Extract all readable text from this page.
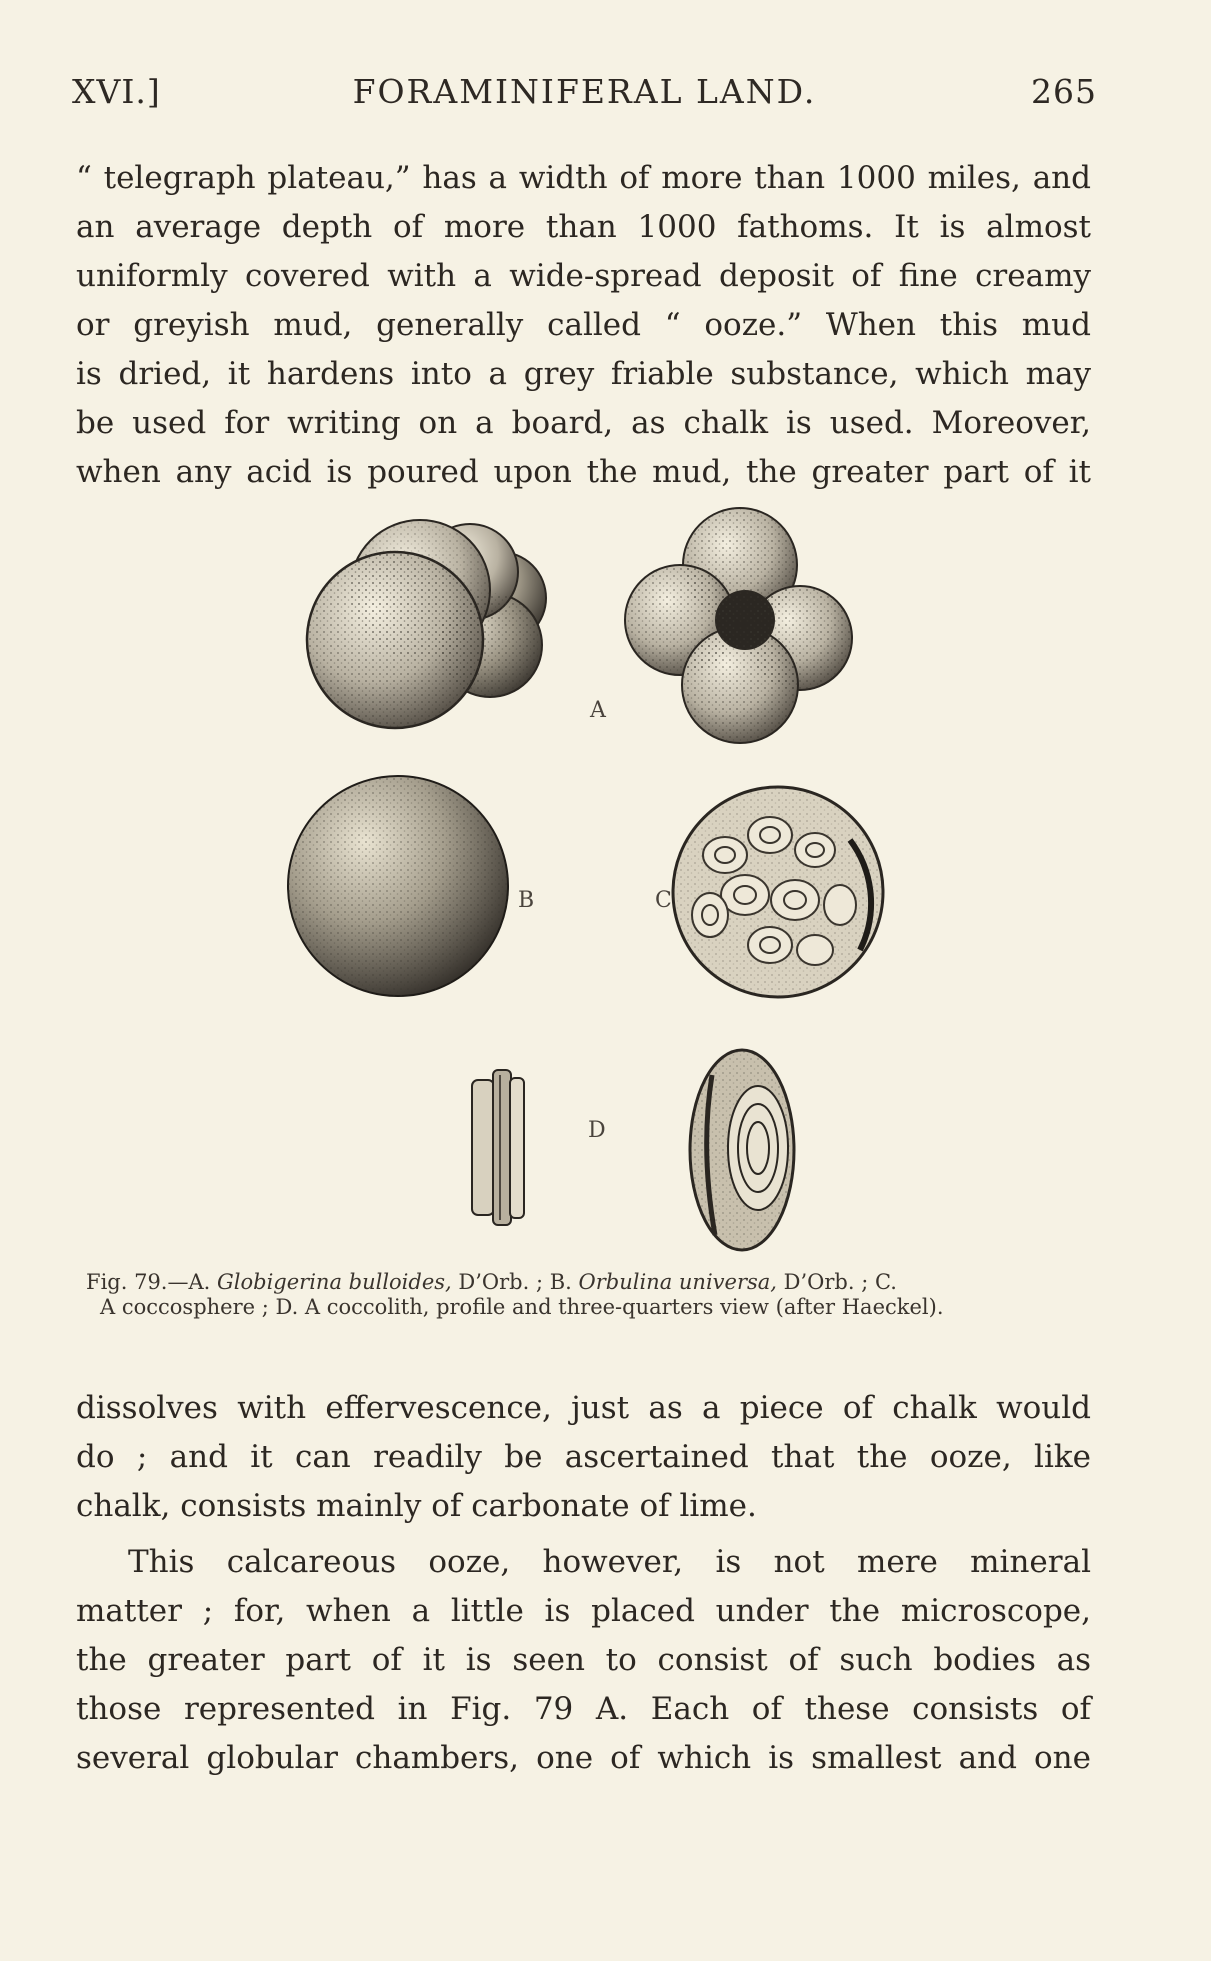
XVI.]	FORAMINIFERAL LAND.	265
“ telegraph plateau,” has a width of more than 1000 miles, and
an average depth of more than 1000 fathoms. It is almost
uniformly covered with a wide-spread deposit of fine creamy
or greyish mud, generally called “ ooze.” When this mud
is dried, it hardens into a grey friable substance, which may
be used for writing on a board, as chalk is used. Moreover,
when any acid is poured upon the mud, the greater part of it
A
B	C
D
Fig. 79.—A. Globigerina bulloides, D’Orb. ; B. Orbulina universa, D’Orb. ; C.
A coccosphere ; D. A coccolith, profile and three-quarters view (after Haeckel).
dissolves with effervescence, just as a piece of chalk would
do ; and it can readily be ascertained that the ooze, like
chalk, consists mainly of carbonate of lime.
This calcareous ooze, however, is not mere mineral
matter ; for, when a little is placed under the microscope,
the greater part of it is seen to consist of such bodies as
those represented in Fig. 79 A. Each of these consists of
several globular chambers, one of which is smallest and one
